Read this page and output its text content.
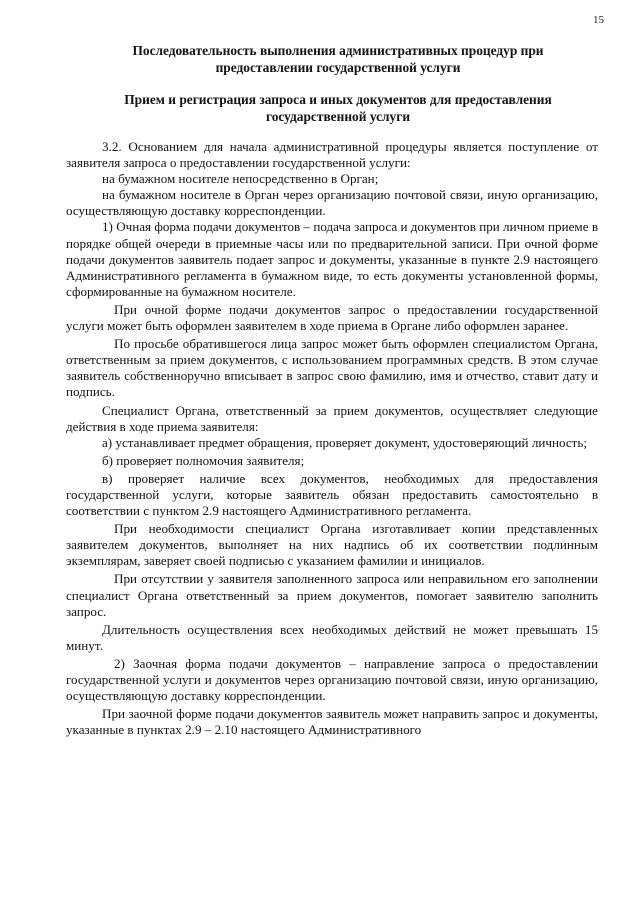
15
Последовательность выполнения административных процедур при предоставлении государственной услуги
Прием и регистрация запроса и иных документов для предоставления государственной услуги

3.2. Основанием для начала административной процедуры является поступление от заявителя запроса о предоставлении государственной услуги:

на бумажном носителе непосредственно в Орган;

на бумажном носителе в Орган через организацию почтовой связи, иную организацию, осуществляющую доставку корреспонденции.

1) Очная форма подачи документов – подача запроса и документов при личном приеме в порядке общей очереди в приемные часы или по предварительной записи. При очной форме подачи документов заявитель подает запрос и документы, указанные в пункте 2.9 настоящего Административного регламента в бумажном виде, то есть документы установленной формы, сформированные на бумажном носителе.

При очной форме подачи документов запрос о предоставлении государственной услуги может быть оформлен заявителем в ходе приема в Органе либо оформлен заранее.

По просьбе обратившегося лица запрос может быть оформлен специалистом Органа, ответственным за прием документов, с использованием программных средств. В этом случае заявитель собственноручно вписывает в запрос свою фамилию, имя и отчество, ставит дату и подпись.

Специалист Органа, ответственный за прием документов, осуществляет следующие действия в ходе приема заявителя:

а) устанавливает предмет обращения, проверяет документ, удостоверяющий личность;

б) проверяет полномочия заявителя;

в) проверяет наличие всех документов, необходимых для предоставления государственной услуги, которые заявитель обязан предоставить самостоятельно в соответствии с пунктом 2.9 настоящего Административного регламента.

При необходимости специалист Органа изготавливает копии представленных заявителем документов, выполняет на них надпись об их соответствии подлинным экземплярам, заверяет своей подписью с указанием фамилии и инициалов.

При отсутствии у заявителя заполненного запроса или неправильном его заполнении специалист Органа ответственный за прием документов, помогает заявителю заполнить запрос.

Длительность осуществления всех необходимых действий не может превышать 15 минут.

2) Заочная форма подачи документов – направление запроса о предоставлении государственной услуги и документов через организацию почтовой связи, иную организацию, осуществляющую доставку корреспонденции.

При заочной форме подачи документов заявитель может направить запрос и документы, указанные в пунктах 2.9 – 2.10 настоящего Административного
